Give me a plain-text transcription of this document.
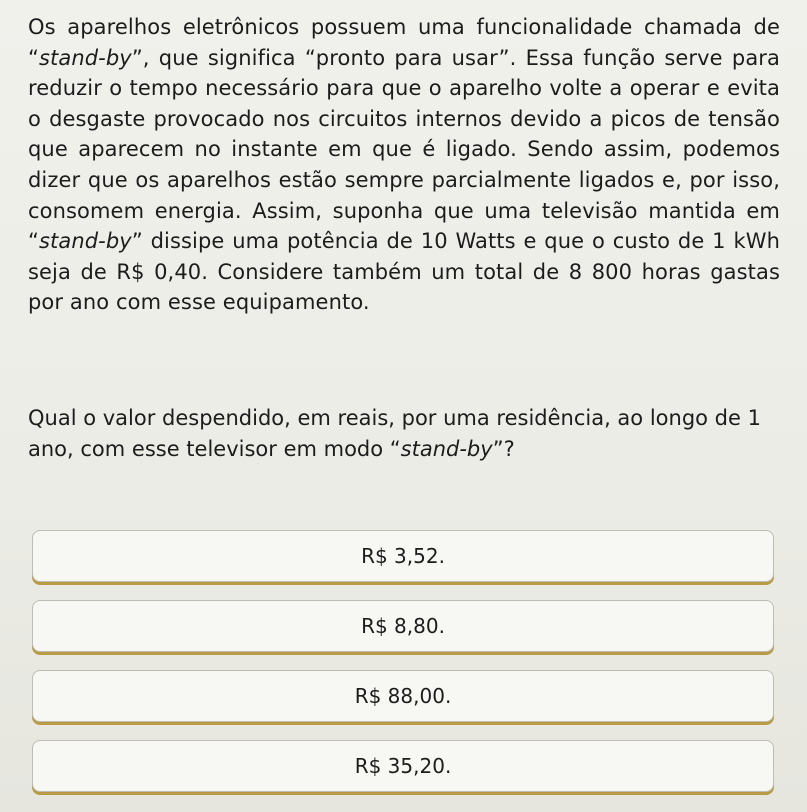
Os aparelhos eletrônicos possuem uma funcionalidade chamada de “stand-by”, que significa “pronto para usar”. Essa função serve para reduzir o tempo necessário para que o aparelho volte a operar e evita o desgaste provocado nos circuitos internos devido a picos de tensão que aparecem no instante em que é ligado. Sendo assim, podemos dizer que os aparelhos estão sempre parcialmente ligados e, por isso, consomem energia. Assim, suponha que uma televisão mantida em “stand-by” dissipe uma potência de 10 Watts e que o custo de 1 kWh seja de R$ 0,40. Considere também um total de 8 800 horas gastas por ano com esse equipamento.

Qual o valor despendido, em reais, por uma residência, ao longo de 1 ano, com esse televisor em modo “stand-by”?

R$ 3,52.
R$ 8,80.
R$ 88,00.
R$ 35,20.
